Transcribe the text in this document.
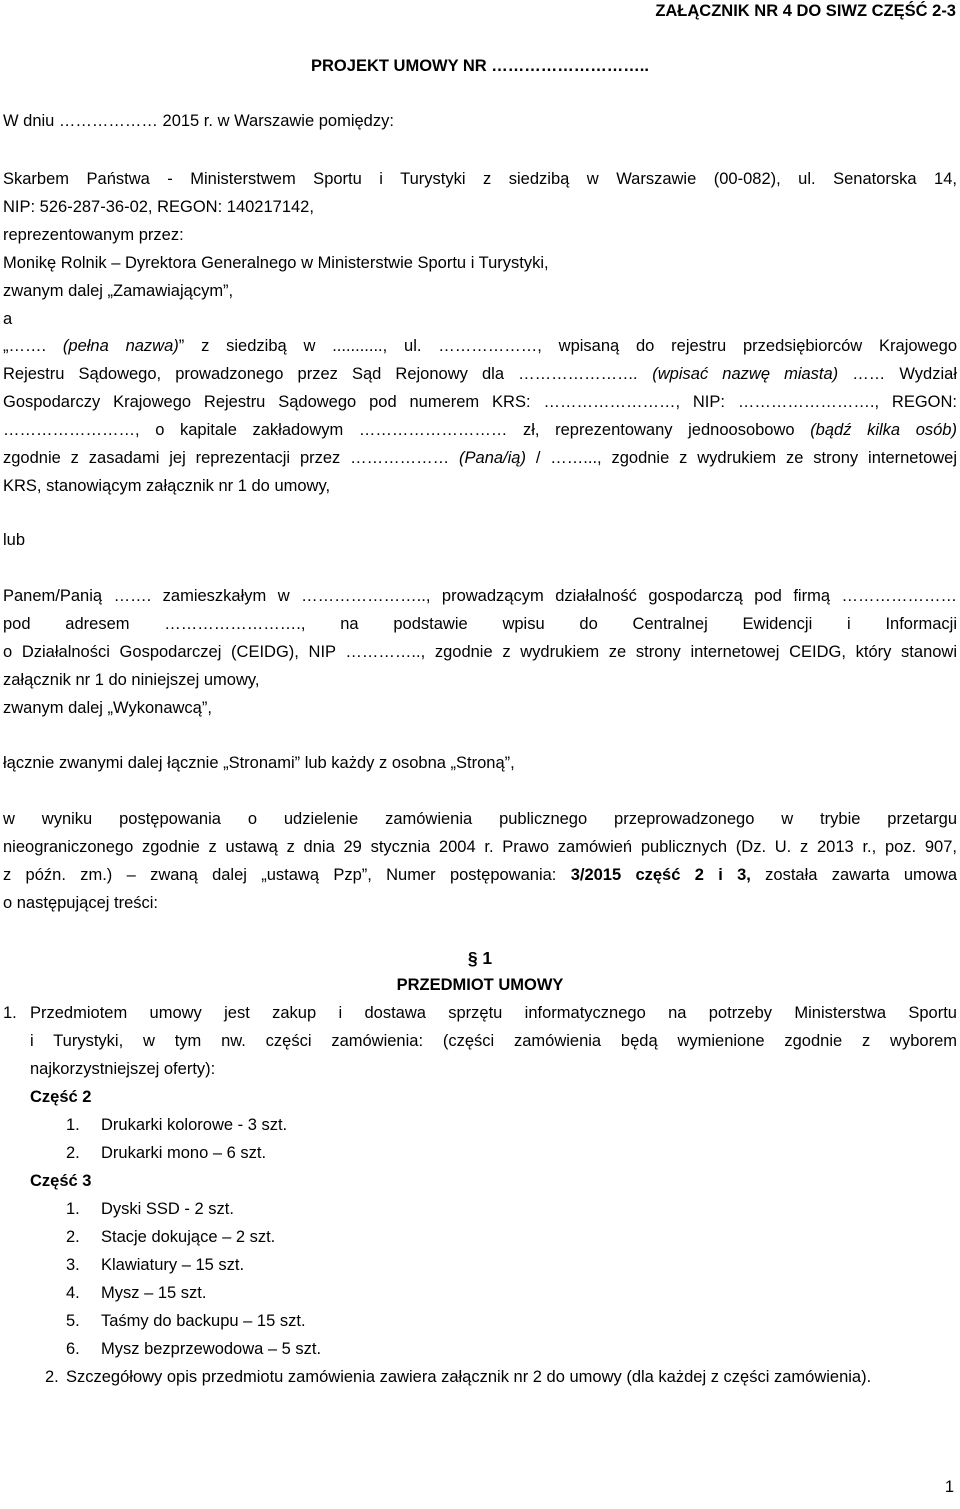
ZAŁĄCZNIK NR 4 DO SIWZ CZĘŚĆ 2-3
PROJEKT UMOWY NR ………………………..
W dniu ……………… 2015 r. w Warszawie pomiędzy:
Skarbem Państwa - Ministerstwem Sportu i Turystyki z siedzibą w Warszawie (00-082), ul. Senatorska 14,
NIP: 526-287-36-02, REGON: 140217142,
reprezentowanym przez:
Monikę Rolnik – Dyrektora Generalnego w Ministerstwie Sportu i Turystyki,
zwanym dalej „Zamawiającym”,
a
„……. (pełna nazwa)” z siedzibą w ..........., ul. ………………, wpisaną do rejestru przedsiębiorców Krajowego
Rejestru Sądowego, prowadzonego przez Sąd Rejonowy dla …………………. (wpisać nazwę miasta) …… Wydział
Gospodarczy Krajowego Rejestru Sądowego pod numerem KRS: ……………………, NIP: ……………………., REGON:
……………………, o kapitale zakładowym ……………………… zł, reprezentowany jednoosobowo (bądź kilka osób)
zgodnie z zasadami jej reprezentacji przez ……………… (Pana/ią) / ……..., zgodnie z wydrukiem ze strony internetowej
KRS, stanowiącym załącznik nr 1 do umowy,
lub
Panem/Panią ……. zamieszkałym w ………………….., prowadzącym działalność gospodarczą pod firmą …………………
pod adresem ……………………., na podstawie wpisu do Centralnej Ewidencji i Informacji
o Działalności Gospodarczej (CEIDG), NIP ………….., zgodnie z wydrukiem ze strony internetowej CEIDG, który stanowi
załącznik nr 1 do niniejszej umowy,
zwanym dalej „Wykonawcą”,
łącznie zwanymi dalej łącznie „Stronami” lub każdy z osobna „Stroną”,
w wyniku postępowania o udzielenie zamówienia publicznego przeprowadzonego w trybie przetargu
nieograniczonego zgodnie z ustawą z dnia 29 stycznia 2004 r. Prawo zamówień publicznych (Dz. U. z 2013 r., poz. 907,
z późn. zm.) – zwaną dalej „ustawą Pzp”, Numer postępowania: 3/2015 część 2 i 3, została zawarta umowa
o następującej treści:
§ 1
PRZEDMIOT UMOWY
1. Przedmiotem umowy jest zakup i dostawa sprzętu informatycznego na potrzeby Ministerstwa Sportu
i Turystyki, w tym nw. części zamówienia: (części zamówienia będą wymienione zgodnie z wyborem
najkorzystniejszej oferty):
Część 2
1. Drukarki kolorowe - 3 szt.
2. Drukarki mono – 6 szt.
Część 3
1. Dyski SSD - 2 szt.
2. Stacje dokujące – 2 szt.
3. Klawiatury – 15 szt.
4. Mysz – 15 szt.
5. Taśmy do backupu – 15 szt.
6. Mysz bezprzewodowa – 5 szt.
2. Szczegółowy opis przedmiotu zamówienia zawiera załącznik nr 2 do umowy (dla każdej z części zamówienia).
1
